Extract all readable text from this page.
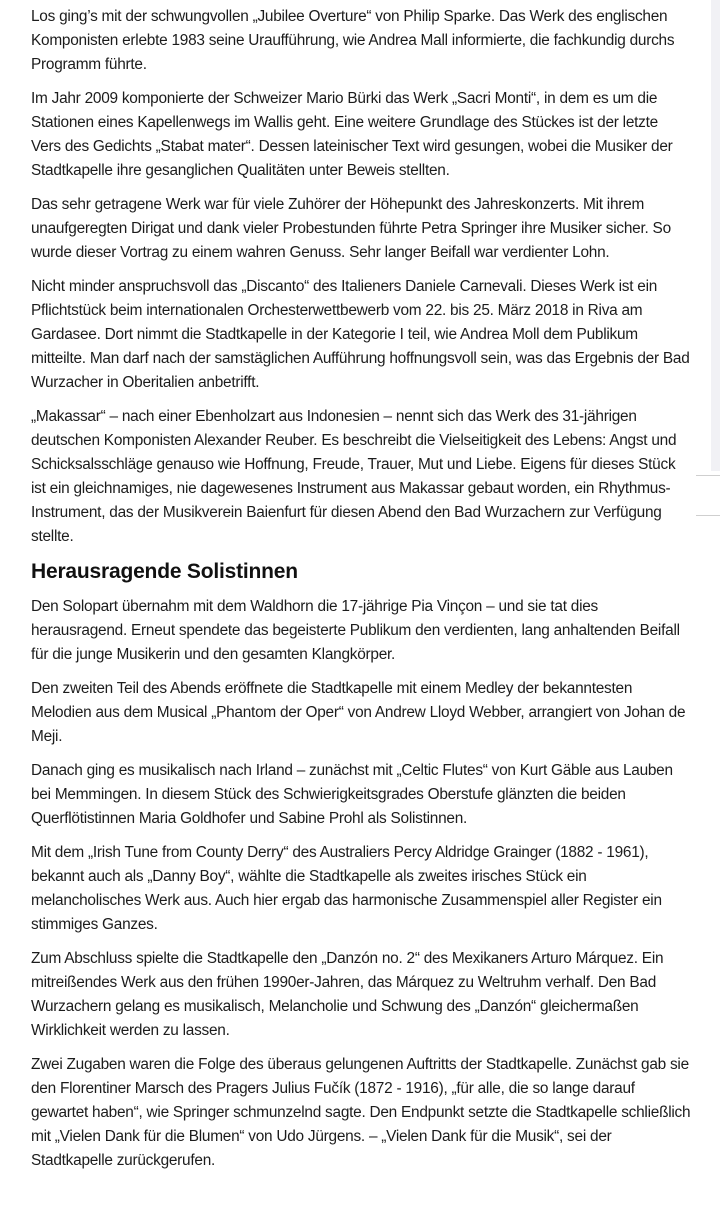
Los ging’s mit der schwungvollen „Jubilee Overture“ von Philip Sparke. Das Werk des englischen Komponisten erlebte 1983 seine Uraufführung, wie Andrea Mall informierte, die fachkundig durchs Programm führte.

Im Jahr 2009 komponierte der Schweizer Mario Bürki das Werk „Sacri Monti“, in dem es um die Stationen eines Kapellenwegs im Wallis geht. Eine weitere Grundlage des Stückes ist der letzte Vers des Gedichts „Stabat mater“. Dessen lateinischer Text wird gesungen, wobei die Musiker der Stadtkapelle ihre gesanglichen Qualitäten unter Beweis stellten.

Das sehr getragene Werk war für viele Zuhörer der Höhepunkt des Jahreskonzerts. Mit ihrem unaufgeregten Dirigat und dank vieler Probestunden führte Petra Springer ihre Musiker sicher. So wurde dieser Vortrag zu einem wahren Genuss. Sehr langer Beifall war verdienter Lohn.

Nicht minder anspruchsvoll das „Discanto“ des Italieners Daniele Carnevali. Dieses Werk ist ein Pflichtstück beim internationalen Orchesterwettbewerb vom 22. bis 25. März 2018 in Riva am Gardasee. Dort nimmt die Stadtkapelle in der Kategorie I teil, wie Andrea Moll dem Publikum mitteilte. Man darf nach der samstäglichen Aufführung hoffnungsvoll sein, was das Ergebnis der Bad Wurzacher in Oberitalien anbetrifft.

„Makassar“ – nach einer Ebenholzart aus Indonesien – nennt sich das Werk des 31-jährigen deutschen Komponisten Alexander Reuber. Es beschreibt die Vielseitigkeit des Lebens: Angst und Schicksalsschläge genauso wie Hoffnung, Freude, Trauer, Mut und Liebe. Eigens für dieses Stück ist ein gleichnamiges, nie dagewesenes Instrument aus Makassar gebaut worden, ein Rhythmus-Instrument, das der Musikverein Baienfurt für diesen Abend den Bad Wurzachern zur Verfügung stellte.

Herausragende Solistinnen

Den Solopart übernahm mit dem Waldhorn die 17-jährige Pia Vinçon – und sie tat dies herausragend. Erneut spendete das begeisterte Publikum den verdienten, lang anhaltenden Beifall für die junge Musikerin und den gesamten Klangkörper.

Den zweiten Teil des Abends eröffnete die Stadtkapelle mit einem Medley der bekanntesten Melodien aus dem Musical „Phantom der Oper“ von Andrew Lloyd Webber, arrangiert von Johan de Meji.

Danach ging es musikalisch nach Irland – zunächst mit „Celtic Flutes“ von Kurt Gäble aus Lauben bei Memmingen. In diesem Stück des Schwierigkeitsgrades Oberstufe glänzten die beiden Querflötistinnen Maria Goldhofer und Sabine Prohl als Solistinnen.

Mit dem „Irish Tune from County Derry“ des Australiers Percy Aldridge Grainger (1882 - 1961), bekannt auch als „Danny Boy“, wählte die Stadtkapelle als zweites irisches Stück ein melancholisches Werk aus. Auch hier ergab das harmonische Zusammenspiel aller Register ein stimmiges Ganzes.

Zum Abschluss spielte die Stadtkapelle den „Danzón no. 2“ des Mexikaners Arturo Márquez. Ein mitreißendes Werk aus den frühen 1990er-Jahren, das Márquez zu Weltruhm verhalf. Den Bad Wurzachern gelang es musikalisch, Melancholie und Schwung des „Danzón“ gleichermaßen Wirklichkeit werden zu lassen.

Zwei Zugaben waren die Folge des überaus gelungenen Auftritts der Stadtkapelle. Zunächst gab sie den Florentiner Marsch des Pragers Julius Fučík (1872 - 1916), „für alle, die so lange darauf gewartet haben“, wie Springer schmunzelnd sagte. Den Endpunkt setzte die Stadtkapelle schließlich mit „Vielen Dank für die Blumen“ von Udo Jürgens. – „Vielen Dank für die Musik“, sei der Stadtkapelle zurückgerufen.
